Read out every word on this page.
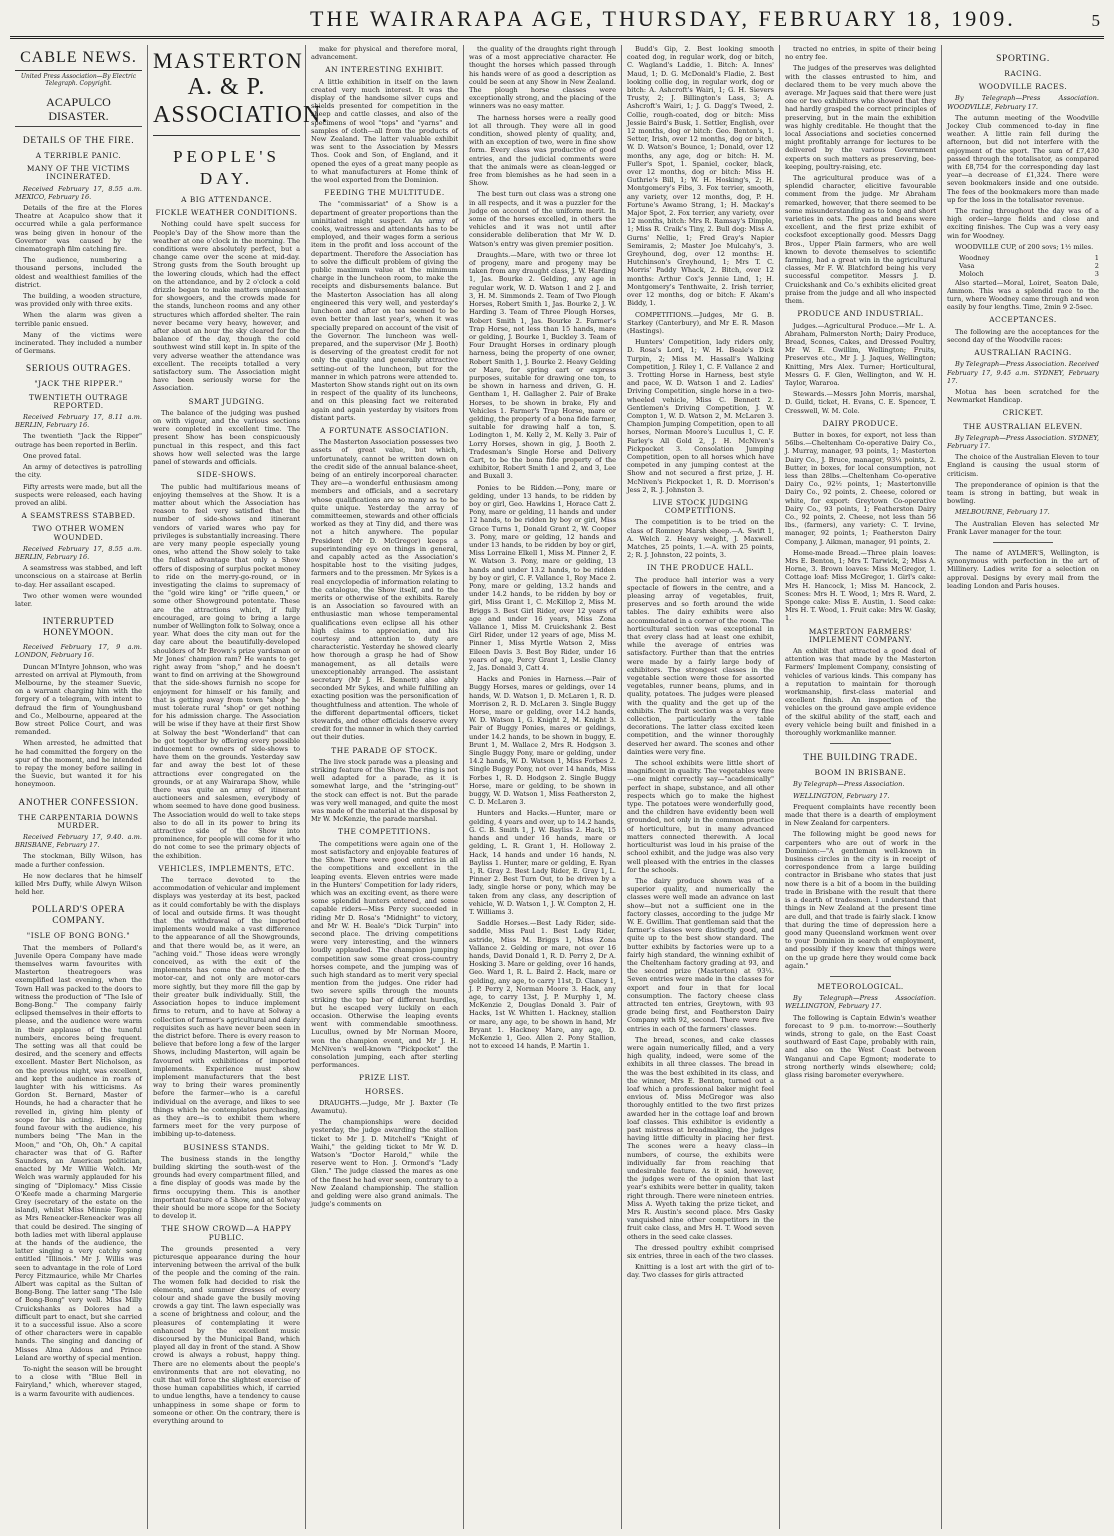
THE WAIRARAPA AGE, THURSDAY, FEBRUARY 18, 1909.	5
CABLE NEWS.
United Press Association—By Electric Telegraph. Copyright.
ACAPULCO DISASTER.
DETAILS OF THE FIRE.
A TERRIBLE PANIC.
MANY OF THE VICTIMS INCINERATED.

Received February 17, 8.55 a.m. MEXICO, February 16.

Details of the fire at the Flores Theatre at Acapulco show that it occurred while a gala performance was being given in honour of the Governor was caused by the cinematograph film catching fire.

The audience, numbering a thousand persons, included the oldest and wealthiest families of the district.

The building, a wooden structure, was provided only with three exits.

When the alarm was given a terrible panic ensued.

Many of the victims were incinerated. They included a number of Germans.

SERIOUS OUTRAGES.
"JACK THE RIPPER."
TWENTIETH OUTRAGE REPORTED.

Received February 17, 8.11 a.m. BERLIN, February 16.

The twentieth "Jack the Ripper" outrage has been reported in Berlin.

One proved fatal.

An army of detectives is patrolling the city.

Fifty arrests were made, but all the suspects were released, each having proved an alibi.

A SEAMSTRESS STABBED.
TWO OTHER WOMEN WOUNDED.

Received February 17, 8.55 a.m. BERLIN, February 16.

A seamstress was stabbed, and left unconscious on a staircase at Berlin to-day. Her assailant escaped.

Two other women were wounded later.

INTERRUPTED HONEYMOON.

Received February 17, 9 a.m. LONDON, February 16.

Duncan M'Intyre Johnson, who was arrested on arrival at Plymouth, from Melbourne, by the steamer Suevic, on a warrant charging him with the forgery of a telegram, with intent to defraud the firm of Younghusband and Co., Melbourne, appeared at the Bow street Police Court, and was remanded.

When arrested, he admitted that he had committed the forgery on the spur of the moment, and he intended to repay the money before sailing in the Suevic, but wanted it for his honeymoon.

ANOTHER CONFESSION.
THE CARPENTARIA DOWNS MURDER.

Received February 17, 9.40. a.m. BRISBANE, February 17.

The stockman, Billy Wilson, has made a further confession.

He now declares that he himself killed Mrs Duffy, while Alwyn Wilson held her.

POLLARD'S OPERA COMPANY.
"ISLE OF BONG BONG."

That the members of Pollard's Juvenile Opera Company have made themselves warm favourites with Masterton theatregoers was exemplified last evening, when the Town Hall was packed to the doors to witness the production of "The Isle of Bong-Bong." The company fairly eclipsed themselves in their efforts to please, and the audience were warm in their applause of the tuneful numbers, encores being frequent. The setting was all that could be desired, and the scenery and effects excellent. Master Bert Nicholson, as on the previous night, was excellent, and kept the audience in roars of laughter with his witticisms. As Gordon St. Bernard, Master of Hounds, he had a character that he revelled in, giving him plenty of scope for his acting. His singing found favour with the audience, his numbers being "The Man in the Moon," and "Oh, Oh, Oh." A capital character was that of G. Rafter Saunders, an American politician, enacted by Mr Willie Welch. Mr Welch was warmly applauded for his singing of "Diplomacy." Miss Cissie O'Keefe made a charming Margerie Grey (secretary of the estate on the island), whilst Miss Minnie Topping as Mrs Reneacker-Reneacker was all that could be desired. The singing of both ladies met with liberal applause at the hands of the audience, the latter singing a very catchy song entitled "Illinois." Mr J. Willis was seen to advantage in the role of Lord Percy Fitzmaurice, while Mr Charles Albert was capital as the Sultan of Bong-Bong. The latter sang "The Isle of Bong-Bong" very well. Miss Milly Cruickshanks as Dolores had a difficult part to enact, but she carried it to a successful issue. Also a score of other characters were in capable hands. The singing and dancing of Misses Alma Aldous and Prince Leland are worthy of special mention.

To-night the season will be brought to a close with "Blue Bell in Fairyland," which, wherever staged, is a warm favourite with audiences.

MASTERTON
A. & P. ASSOCIATION.
PEOPLE'S DAY.
A BIG ATTENDANCE.
FICKLE WEATHER CONDITIONS.

Nothing could have spelt success for People's Day of the Show more than the weather at one o'clock in the morning. The conditions were absolutely perfect, but a change came over the scene at mid-day. Strong gusts from the South brought up the lowering clouds, which had the effect on the attendance, and by 2 o'clock a cold drizzle began to make matters unpleasant for showgoers, and the crowds made for the stands, luncheon rooms and any other structures which afforded shelter. The rain never became very heavy, however, and after about an hour the sky cleared for the balance of the day, though the cold southwest wind still kept in. In spite of the very adverse weather the attendance was excellent. The receipts totalled a very satisfactory sum. The Association might have been seriously worse for the Association.

SMART JUDGING.

The balance of the judging was pushed on with vigour, and the various sections were completed in excellent time. The present Show has been conspicuously punctual in this respect, and this fact shows how well selected was the large panel of stewards and officials.

SIDE-SHOWS.

The public had multifarious means of enjoying themselves at the Show. It is a matter about which the Association has reason to feel very satisfied that the number of side-shows and itinerant vendors of varied wares who pay for privileges is substantially increasing. There are very many people especially young ones, who attend the Show solely to take the fullest advantage that only a Show offers of disposing of surplus pocket money to ride on the merry-go-round, or in investigating the claims to supremacy of the "gold wire king" or "rifle queen," or some other Showground potentate. These are the attractions which, if fully encouraged, are going to bring a large number of Wellington folk to Solway, once a year. What does the city man out for the day care about the beautifully-developed shoulders of Mr Brown's prize yardsman or Mr Jones' champion ram? He wants to get right away from "shop," and he doesn't want to find on arriving at the Showground that the side-shows furnish no scope for enjoyment for himself or his family, and that is getting away from town "shop" he must tolerate rural "shop" or get nothing for his admission charge. The Association will be wise if they have at their first Show at Solway the best "Wonderland" that can be got together by offering every possible inducement to owners of side-shows to have them on the grounds. Yesterday saw far and away the best lot of these attractions ever congregated on the grounds, or at any Wairarapa Show, while there was quite an army of itinerant auctioneers and salesmen, everybody of whom seemed to have done good business. The Association would do well to take steps also to do all in its power to bring its attractive side of the Show into prominence, for people will come for it who do not come to see the primary objects of the exhibition.

VEHICLES, IMPLEMENTS, ETC.

The terrace devoted to the accommodation of vehicular and implement displays was yesterday at its best, packed as it could comfortably be with the displays of local and outside firms. It was thought that the withdrawal of the imported implements would make a vast difference to the appearance of all the Showgrounds, and that there would be, as it were, an "aching void." Those ideas were wrongly conceived, as with the exit of the implements has come the advent of the motor-car, and not only are motor-cars more sightly, but they more fill the gap by their greater bulk individually. Still, the Association hopes to induce implement firms to return, and to have at Solway a collection of farmer's agricultural and dairy requisites such as have never been seen in the district before. There is every reason to believe that before long a few of the larger Shows, including Masterton, will again be favoured with exhibitions of imported implements. Experience must show implement manufacturers that the best way to bring their wares prominently before the farmer—who is a careful individual on the average, and likes to see things which he contemplates purchasing, as they are—is to exhibit them where farmers meet for the very purpose of imbibing up-to-dateness.

BUSINESS STANDS.

The business stands in the lengthy building skirting the south-west of the grounds had every compartment filled, and a fine display of goods was made by the firms occupying them. This is another important feature of a Show, and at Solway their should be more scope for the Society to develop it.

THE SHOW CROWD—A HAPPY PUBLIC.

The grounds presented a very picturesque appearance during the hour intervening between the arrival of the bulk of the people and the coming of the rain. The women folk had decided to risk the elements, and summer dresses of every colour and shade gave the busily moving crowds a gay tint. The lawn especially was a scene of brightness and colour, and the pleasures of contemplating it were enhanced by the excellent music discoursed by the Municipal Band, which played all day in front of the stand. A Show crowd is always a robust, happy thing. There are no elements about the people's environments that are not elevating, no cult that will force the slightest exercise of those human capabilities which, if carried to undue lengths, have a tendency to cause unhappiness in some shape or form to someone or other. On the contrary, there is everything around to

make for physical and therefore moral, advancement.

AN INTERESTING EXHIBIT.

A little exhibition in itself on the lawn created very much interest. It was the display of the handsome silver cups and shields presented for competition in the sheep and cattle classes, and also of the specimens of wool "tops" and "yarns" and samples of cloth—all from the products of New Zealand. The latter valuable exhibit was sent to the Association by Messrs Thos. Cook and Son, of England, and it opened the eyes of a great many people as to what manufacturers at Home think of the wool exported from the Dominion.

FEEDING THE MULTITUDE.

The "commissariat" of a Show is a department of greater proportions than the uninitiated might suspect. An army of cooks, waitresses and attendants has to be employed, and their wages form a serious item in the profit and loss account of the department. Therefore the Association has to solve the difficult problem of giving the public maximum value at the minimum charge in the luncheon room, to make the receipts and disbursements balance. But the Masterton Association has all along engineered this very well, and yesterday's luncheon and after on tea seemed to be even better than last year's, when it was specially prepared on account of the visit of the Governor. The luncheon was well-prepared, and the supervisor (Mr J. Booth) is deserving of the greatest credit for not only the quality and generally attractive setting-out of the luncheon, but for the manner in which patrons were attended to. Masterton Show stands right out on its own in respect of the quality of its luncheons, and on this pleasing fact we reiterated again and again yesterday by visitors from distant parts.

A FORTUNATE ASSOCIATION.

The Masterton Association possesses two assets of great value, but which, unfortunately, cannot be written down on the credit side of the annual balance-sheet, being of an entirely incorporeal character. They are—a wonderful enthusiasm among members and officials, and a secretary whose qualifications are so many as to be quite unique. Yesterday the array of committeemen, stewards and other officials worked as they at Tiny did, and there was not a hitch anywhere. The popular President (Mr D. McGregor) keeps a superintending eye on things in general, and capably acted as the Association's hospitable host to the visiting judges, farmers and to the pressmen. Mr Sykes is a real encyclopedia of information relating to the catalogue, the Show itself, and to the merits or otherwise of the exhibits. Rarely is an Association so favoured with an enthusiastic man whose temperamental qualifications even eclipse all his other high claims to appreciation, and his courtesy and attention to duty are characteristic. Yesterday he showed clearly how thorough a grasp he had of Show management, as all details were unexceptionably arranged. The assistant secretary (Mr J. H. Bennett) also ably seconded Mr Sykes, and while fulfilling an exacting position was the personification of thoughtfulness and attention. The whole of the different departmental officers, ticket stewards, and other officials deserve every credit for the manner in which they carried out their duties.

THE PARADE OF STOCK.

The live stock parade was a pleasing and striking feature of the Show. The ring is not well adapted for a parade, as it is somewhat large, and the "stringing-out" the stock can effect is not. But the parade was very well managed, and quite the most was made of the material at the disposal by Mr W. McKenzie, the parade marshal.

THE COMPETITIONS.

The competitions were again one of the most satisfactory and enjoyable features of the Show. There were good entries in all the competitions and excellent in the leaping events. Eleven entries were made in the Hunters' Competition for lady riders, which was an exciting event, as there were some splendid hunters entered, and some capable riders—Miss Percy succeeded in riding Mr D. Rosa's "Midnight" to victory, and Mr W. H. Beale's "Dick Turpin" into second place. The driving competitions were very interesting, and the winners loudly applauded. The champion jumping competition saw some great cross-country horses compete, and the jumping was of such high standard as to merit very special mention from the judges. One rider had two severe spills through the mounts striking the top bar of different hurdles, but he escaped very luckily on each occasion. Otherwise the leaping events went with commendable smoothness. Lucullus, owned by Mr Norman Moore, won the champion event, and Mr J. H. McNiven's well-known "Pickpocket" the consolation jumping, each after sterling performances.

PRIZE LIST.
HORSES.

DRAUGHTS.—Judge, Mr J. Baxter (Te Awamutu).

The championships were decided yesterday, the judge awarding the stallion ticket to Mr J. D. Mitchell's "Knight of Waihi," the gelding ticket to Mr W. D. Watson's "Doctor Harold," while the reserve went to Hon. J. Ormond's "Lady Glen." The judge classed the mares as one of the finest he had ever seen, contrary to a New Zealand championship. The stallion and gelding were also grand animals. The judge's comments on

the quality of the draughts right through was of a most appreciative character. He thought the horses which passed through his hands were of as good a description as could be seen at any Show in New Zealand. The plough horse classes were exceptionally strong, and the placing of the winners was no easy matter.

The harness horses were a really good lot all through. They were all in good condition, showed plenty of quality, and, with an exception of two, were in fine show form. Every class was productive of good entries, and the judicial comments were that the animals were as clean-legged or free from blemishes as he had seen in a Show.

The best turn out class was a strong one in all respects, and it was a puzzler for the judge on account of the uniform merit. In some of the horses excelled, in others the vehicles and it was not until after considerable deliberation that Mr W. D. Watson's entry was given premier position.

Draughts.—Mare, with two or three lot of progeny, mare and progeny may be taken from any draught class, J. W. Harding 1, Jas. Bourke 2. Gelding, any age in regular work, W. D. Watson 1 and 2 J. and 3, H. M. Simmonds 2. Team of Two Plough Horses, Robert Smith 1, Jas. Bourke 2, J. W. Harding 3. Team of Three Plough Horses, Robert Smith 1, Jas. Bourke 2. Farmer's Trap Horse, not less than 15 hands, mare or gelding, J. Bourke 1, Buckley 3. Team of Four Draught Horses in ordinary plough harness, being the property of one owner, Robert Smith 1, J. Bourke 2. Heavy Gelding or Mare, for spring cart or express purposes, suitable for drawing one ton, to be shown in harness and driven, G. H. Gentham 1, H. Gallagher 2. Pair of Brake Horses, to be shown in brake, Fly and Vehicles 1. Farmer's Trap Horse, mare or gelding, the property of a bona fide farmer, suitable for drawing half a ton, S. Lodington 1, M. Kelly 2, M. Kelly 3. Pair of Lorry Horses, shown in gig, J. Booth 2. Tradesman's Single Horse and Delivery Cart, to be the bona fide property of the exhibitor, Robert Smith 1 and 2, and 3, Lee and Buxall 3.

Ponies to be Ridden.—Pony, mare or gelding, under 13 hands, to be ridden by boy or girl, Geo. Hawkins 1, Horace Catt 2. Pony, mare or gelding, 11 hands and under 12 hands, to be ridden by boy or girl, Miss Grace Turns 1, Donald Grant 2, W. Cooper 3. Pony, mare or gelding, 12 hands and under 13 hands, to be ridden by boy or girl, Miss Lorraine Elkell 1, Miss M. Pinner 2, F. W. Watson 3. Pony, mare or gelding, 13 hands and under 13.2 hands, to be ridden by boy or girl, C. F. Vallance 1, Roy Mace 2. Pony, mare or gelding, 13.2 hands and under 14.2 hands, to be ridden by boy or girl, Miss Grant 1, C. McKillop 2, Miss M. Briggs 3. Best Girl Rider, over 12 years of age and under 16 years, Miss Zona Vallance 1, Miss M. Cruickshank 2. Best Girl Rider, under 12 years of age, Miss M. Pinner 1, Miss Myrtle Watson 2, Miss Eileen Davis 3. Best Boy Rider, under 16 years of age, Percy Grant 1, Leslie Clancy 2, Jas. Donald 3, Catt 4.

Hacks and Ponies in Harness.—Pair of Buggy Horses, mares or geldings, over 14 hands, W. D. Watson 1, D. McLaren 1, R. D. Morrison 2, R. D. McLaren 3. Single Buggy Horse, mare or gelding, over 14.2 hands, W. D. Watson 1, G. Knight 2, M. Knight 3. Pair of Buggy Ponies, mares or geldings, under 14.2 hands, to be shown in buggy, E. Brunt 1, M. Wallace 2, Mrs R. Hodgson 3. Single Buggy Pony, mare or gelding, under 14.2 hands, W. D. Watson 1, Miss Forbes 2. Single Buggy Pony, not over 14 hands, Miss Forbes 1, R. D. Hodgson 2. Single Buggy Horse, mare or gelding, to be shown in buggy, W. D. Watson 1, Miss Featherston 2, C. D. McLaren 3.

Hunters and Hacks.—Hunter, mare or gelding, 4 years and over, up to 14.2 hands, G. C. B. Smith 1, J. W. Bayliss 2. Hack, 15 hands and under 16 hands, mare or gelding, L. R. Grant 1, H. Holloway 2. Hack, 14 hands and under 16 hands, N. Bayliss 1. Hunter, mare or gelding, E. Ryan 1, R. Gray 2. Best Lady Rider, E. Gray 1, L. Pinner 2. Best Turn Out, to be driven by a lady, single horse or pony, which may be taken from any class, any description of vehicle, W. D. Watson 1, J. W. Compton 2, H. T. Williams 3.

Saddle Horses.—Best Lady Rider, side-saddle, Miss Paul 1. Best Lady Rider, astride, Miss M. Briggs 1, Miss Zona Vallance 2. Gelding or mare, not over 16 hands, David Donald 1, R. D. Perry 2, Dr A. Hosking 3. Mare or gelding, over 16 hands, Geo. Ward 1, R. L. Baird 2. Hack, mare or gelding, any age, to carry 11st, D. Clancy 1, J. P. Perry 2, Norman Moore 3. Hack, any age, to carry 13st, J. P. Murphy 1, M. McKenzie 2, Douglas Donald 3. Pair of Hacks, 1st W. Whitten 1. Hackney, stallion or mare, any age, to be shown in hand, Mr Bryant 1. Hackney Mare, any age, D. McKenzie 1, Geo. Allen 2. Pony Stallion, not to exceed 14 hands, P. Martin 1.

Budd's Gip, 2. Best looking smooth coated dog, in regular work, dog or bitch, C. Wagland's Laddie, 1. Bitch: A. Innes' Maud, 1; D. G. McDonald's Fladie, 2. Best looking collie dog, in regular work, dog or bitch: A. Ashcroft's Wairi, 1; G. H. Sievers Trusty, 2; J. Billington's Lass, 3; A. Ashcroft's Wairi, 1; J. G. Dagg's Tweed, 2. Collie, rough-coated, dog or bitch: Miss Jessie Baird's Busk, 1. Settler, English, over 12 months, dog or bitch: Geo. Benton's, 1. Setter, Irish, over 12 months, dog or bitch, W. D. Watson's Bounce, 1; Donald, over 12 months, any age, dog or bitch: H. M. Fuller's Spot, 1. Spaniel, cocker, black, over 12 months, dog or bitch: Miss H. Guthrie's Bill, 1; W. H. Hosking's, 2; H. Montgomery's Fibs, 3. Fox terrier, smooth, any variety, over 12 months, dog, P. H. Fortune's Awamo Strang, 1; H. Mackay's Major Spot, 2. Fox terrier, any variety, over 12 months, bitch: Mrs R. Ramsay's Dimple, 1; Miss R. Craik's Tiny, 2. Bull dog: Miss A. Gurns' Nellie, 1; Fred Gray's Napier Semiramis, 2; Master Joe Mulcahy's, 3. Greyhound, dog, over 12 months: H. Hutchinson's Greyhound, 1; Mrs T. C. Morris' Paddy Whack, 2. Bitch, over 12 months: Arthur Cox's Jennie Lind, 1; H. Montgomery's Tenthwaite, 2. Irish terrier, over 12 months, dog or bitch: F. Akam's Biddy, 1.

COMPETITIONS.—Judges, Mr G. B. Starkey (Canterbury), and Mr E. R. Mason (Hastings).

Hunters' Competition, lady riders only, D. Rosa's Lord, 1; W. H. Beale's Dick Turpin, 2; Miss M. Hassall's Walking Competition, J. Riley 1, C. F. Vallance 2 and 3. Trotting Horse in Harness, best style and pace, W. D. Watson 1 and 2. Ladies' Driving Competition, single horse in a two-wheeled vehicle, Miss C. Bennett 2. Gentlemen's Driving Competition, J. W. Compton 1, W. D. Watson 2, M. McLaren 3. Champion Jumping Competition, open to all horses, Norman Moore's Lucullus 1, C. F. Farley's All Gold 2, J. H. McNiven's Pickpocket 3. Consolation Jumping Competition, open to all horses which have competed in any jumping contest at the Show and not secured a first prize, J. H. McNiven's Pickpocket 1, R. D. Morrison's Jess 2, R. J. Johnston 3.

LIVE STOCK JUDGING COMPETITIONS.

The competition is to be tried on the class of Romney Marsh sheep.—A. Swift 1, A. Welch 2. Heavy weight, J. Maxwell. Matches, 25 points, 1.—A. with 25 points, 2; R. J. Johnston, 22 points, 3.

IN THE PRODUCE HALL.

The produce hall interior was a very spectacle of flowers in the centre, and a pleasing array of vegetables, fruit, preserves and so forth around the wide tables. The dairy exhibits were also accommodated in a corner of the room. The horticultural section was exceptional in that every class had at least one exhibit, while the average of entries was satisfactory. Further than that the entries were made by a fairly large body of exhibitors. The strongest classes in the vegetable section were those for assorted vegetables, runner beans, plums, and in quality, potatoes. The judges were pleased with the quality and the get up of the exhibits. The fruit section was a very fine collection, particularly the table decorations. The latter class excited keen competition, and the winner thoroughly deserved her award. The scones and other dainties were very fine.

The school exhibits were little short of magnificent in quality. The vegetables were—one might correctly say—"academically" perfect in shape, substance, and all other respects which go to make the highest type. The potatoes were wonderfully good, and the children have evidently been well grounded, not only in the common practice of horticulture, but in many advanced matters connected therewith. A local horticulturist was loud in his praise of the school exhibit, and the judge was also very well pleased with the entries in the classes for the schools.

The dairy produce shown was of a superior quality, and numerically the classes were well made an advance on last show—but not a sufficient one in the factory classes, according to the judge Mr W. E. Gwillim. That gentleman said that the farmer's classes were distinctly good, and quite up to the best show standard. The butter exhibits by factories were up to a fairly high standard, the winning exhibit of the Cheltenham factory grading at 93, and the second prize (Masterton) at 93¼. Seven entries were made in the classes for export and four in that for local consumption. The factory cheese class attracted ten entries, Greytown, with 93 grade being first, and Featherston Dairy Company with 92, second. There were five entries in each of the farmers' classes.

The bread, scones, and cake classes were again numerically filled, and a very high quality, indeed, were some of the exhibits in all three classes. The bread in the was the best exhibited in its class, and the winner, Mrs E. Benton, turned out a loaf which a professional baker might feel envious of. Miss McGregor was also thoroughly entitled to the two first prizes awarded her in the cottage loaf and brown loaf classes. This exhibitor is evidently a past mistress at breadmaking, the judges having little difficulty in placing her first. The scones were a heavy class—in numbers, of course, the exhibits were individually far from reaching that undesirable feature. As it said, however, the judges were of the opinion that last year's exhibits were better in quality, taken right through. There were nineteen entries. Miss A. Wyeth taking the prize ticket, and Mrs R. Austin's second place. Mrs Gasky vanquished nine other competitors in the fruit cake class, and Mrs H. T. Wood seven others in the seed cake classes.

The dressed poultry exhibit comprised six entries, three in each of the two classes.

Knitting is a lost art with the girl of to-day. Two classes for girls attracted

tracted no entries, in spite of their being no entry fee.

The judges of the preserves was delighted with the classes entrusted to him, and declared them to be very much above the average. Mr Jaques said that there were just one or two exhibitors who showed that they had hardly grasped the correct principles of preserving, but in the main the exhibition was highly creditable. He thought that the local Associations and societies concerned might profitably arrange for lectures to be delivered by the various Government experts on such matters as preserving, bee-keeping, poultry-raising, etc.

The agricultural produce was of a splendid character, elicitive favourable comment from the judge. Mr Abraham remarked, however, that there seemed to be some misunderstanding as to long and short varieties in oats. The peas and beans were excellent, and the first prize exhibit of cocksfoot exceptionally good. Messrs Dagg Bros., Upper Plain farmers, who are well known to devote themselves to scientific farming, had a great win in the agricultural classes, Mr F. W. Blatchford being his very successful competitor. Messrs J. D. Cruickshank and Co.'s exhibits elicited great praise from the judge and all who inspected them.

PRODUCE AND INDUSTRIAL.

Judges.—Agricultural Produce.—Mr L. A. Abraham, Palmerston North; Dairy Produce, Bread, Scones, Cakes, and Dressed Poultry, Mr W. E. Gwillim, Wellington; Fruits, Preserves etc., Mr J. J. Jaques, Wellington; Knitting, Mrs Alex. Turner; Horticultural, Messrs G. F. Glen, Wellington, and W. H. Taylor, Wararoa.

Stewards.—Messrs John Morris, marshal, D. Guild, ticket, H. Evans, C. E. Spencer, T. Cresswell, W. M. Cole.

DAIRY PRODUCE.

Butter in boxes, for export, not less than 56lbs.—Cheltenham Co-operative Dairy Co., J. Murray, manager, 93 points, 1; Masterton Dairy Co., J. Bruce, manager, 93¼ points, 2. Butter, in boxes, for local consumption, not less than 28lbs.—Cheltenham Co-operative Dairy Co., 92½ points, 1; Mastertonville Dairy Co., 92 points, 2. Cheese, colored or white, for export: Greytown Co-operative Dairy Co., 93 points, 1; Featherston Dairy Co., 92 points, 2. Cheese, not less than 56 lbs., (farmers), any variety: C. T. Irvine, manager, 92 points, 1; Featherston Dairy Company, J. Aikman, manager, 91 points, 2.

Home-made Bread.—Three plain loaves: Mrs E. Benton, 1; Mrs T. Tarwick, 2; Miss A. Horne, 3. Brown loaves: Miss McGregor, 1. Cottage loaf: Miss McGregor, 1. Girl's cake: Mrs H. Hancock, 1; Miss M. Hancock, 2. Scones: Mrs H. T. Wood, 1; Mrs R. Ward, 2. Sponge cake: Miss E. Austin, 1. Seed cake: Mrs H. T. Wood, 1. Fruit cake: Mrs W. Gasky, 1.

MASTERTON FARMERS' IMPLEMENT COMPANY.

An exhibit that attracted a good deal of attention was that made by the Masterton Farmers' Implement Company, consisting of vehicles of various kinds. This company has a reputation to maintain for thorough workmanship, first-class material and excellent finish. An inspection of the vehicles on the ground gave ample evidence of the skilful ability of the staff, each and every vehicle being built and finished in a thoroughly workmanlike manner.

THE BUILDING TRADE.
BOOM IN BRISBANE.

By Telegraph—Press Association.

WELLINGTON, February 17.

Frequent complaints have recently been made that there is a dearth of employment in New Zealand for carpenters.

The following might be good news for carpenters who are out of work in the Dominion:—"A gentleman well-known in business circles in the city is in receipt of correspondence from a large building contractor in Brisbane who states that just now there is a bit of a boom in the building trade in Brisbane with the result that there is a dearth of tradesmen. I understand that things in New Zealand at the present time are dull, and that trade is fairly slack. I know that during the time of depression here a good many Queensland workmen went over to your Dominion in search of employment, and possibly if they knew that things were on the up grade here they would come back again."

METEOROLOGICAL.

By Telegraph—Press Association. WELLINGTON, February 17.

The following is Captain Edwin's weather forecast to 9 p.m. to-morrow:—Southerly winds, strong to gale, on the East Coast southward of East Cape, probably with rain, and also on the West Coast between Wanganui and Cape Egmont; moderate to strong northerly winds elsewhere; cold; glass rising barometer everywhere.

SPORTING.
RACING.
WOODVILLE RACES.

By Telegraph—Press Association. WOODVILLE, February 17.

The autumn meeting of the Woodville Jockey Club commenced to-day in fine weather. A little rain fell during the afternoon, but did not interfere with the enjoyment of the sport. The sum of £7,430 passed through the totalisator, as compared with £8,754 for the corresponding day last year—a decrease of £1,324. There were seven bookmakers inside and one outside. The fees of the bookmakers more than made up for the loss in the totalisator revenue.

The racing throughout the day was of a high order—large fields and close and exciting finishes. The Cup was a very easy win for Woodney.

WOODVILLE CUP, of 200 sovs; 1½ miles.

Woodney	1
Vasa	2
Moloch	3

Also started—Moral, Loiret, Seaton Dale, Ammon. This was a splendid race to the turn, where Woodney came through and won easily by four lengths. Time, 2min 9 2-5sec.

ACCEPTANCES.

The following are the acceptances for the second day of the Woodville races:

AUSTRALIAN RACING.

By Telegraph—Press Association. Received February 17, 9.45 a.m. SYDNEY, February 17.

Motua has been scratched for the Newmarket Handicap.

CRICKET.
THE AUSTRALIAN ELEVEN.

By Telegraph—Press Association. SYDNEY, February 17.

The choice of the Australian Eleven to tour England is causing the usual storm of criticism.

The preponderance of opinion is that the team is strong in batting, but weak in bowling.

MELBOURNE, February 17.

The Australian Eleven has selected Mr Frank Laver manager for the tour.

The name of AYLMER'S, Wellington, is synonymous with perfection in the art of Millinery. Ladies write for a selection on approval. Designs by every mail from the leading London and Paris houses.
